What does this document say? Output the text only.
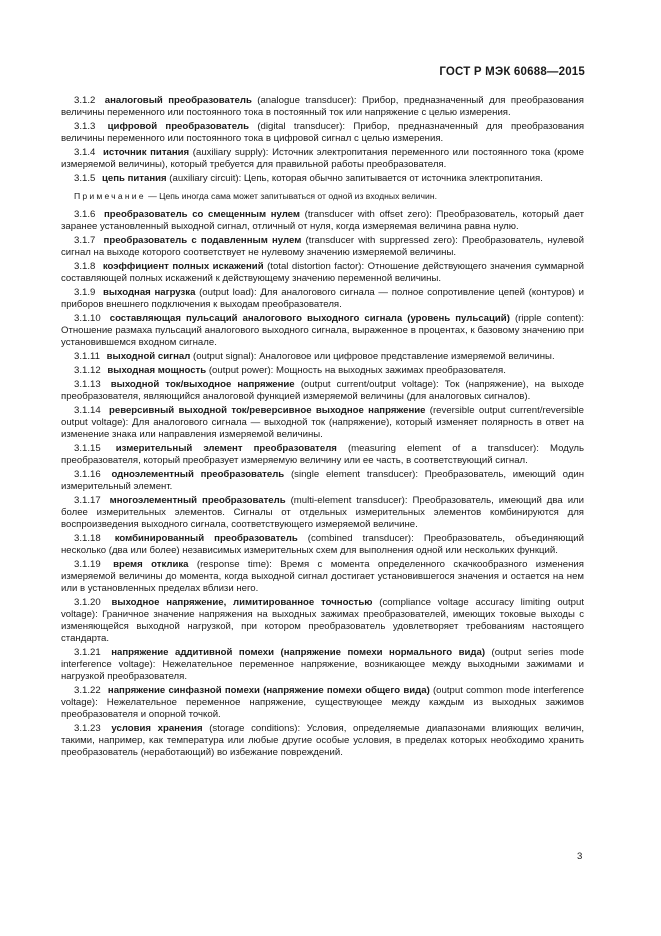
ГОСТ Р МЭК 60688—2015

3.1.2 аналоговый преобразователь (analogue transducer): Прибор, предназначенный для преобразования величины переменного или постоянного тока в постоянный ток или напряжение с целью измерения.

3.1.3 цифровой преобразователь (digital transducer): Прибор, предназначенный для преобразования величины переменного или постоянного тока в цифровой сигнал с целью измерения.

3.1.4 источник питания (auxiliary supply): Источник электропитания переменного или постоянного тока (кроме измеряемой величины), который требуется для правильной работы преобразователя.

3.1.5 цепь питания (auxiliary circuit): Цепь, которая обычно запитывается от источника электропитания.

Примечание — Цепь иногда сама может запитываться от одной из входных величин.

3.1.6 преобразователь со смещенным нулем (transducer with offset zero): Преобразователь, который дает заранее установленный выходной сигнал, отличный от нуля, когда измеряемая величина равна нулю.

3.1.7 преобразователь с подавленным нулем (transducer with suppressed zero): Преобразователь, нулевой сигнал на выходе которого соответствует не нулевому значению измеряемой величины.

3.1.8 коэффициент полных искажений (total distortion factor): Отношение действующего значения суммарной составляющей полных искажений к действующему значению переменной величины.

3.1.9 выходная нагрузка (output load): Для аналогового сигнала — полное сопротивление цепей (контуров) и приборов внешнего подключения к выходам преобразователя.

3.1.10 составляющая пульсаций аналогового выходного сигнала (уровень пульсаций) (ripple content): Отношение размаха пульсаций аналогового выходного сигнала, выраженное в процентах, к базовому значению при установившемся входном сигнале.

3.1.11 выходной сигнал (output signal): Аналоговое или цифровое представление измеряемой величины.

3.1.12 выходная мощность (output power): Мощность на выходных зажимах преобразователя.

3.1.13 выходной ток/выходное напряжение (output current/output voltage): Ток (напряжение), на выходе преобразователя, являющийся аналоговой функцией измеряемой величины (для аналоговых сигналов).

3.1.14 реверсивный выходной ток/реверсивное выходное напряжение (reversible output current/reversible output voltage): Для аналогового сигнала — выходной ток (напряжение), который изменяет полярность в ответ на изменение знака или направления измеряемой величины.

3.1.15 измерительный элемент преобразователя (measuring element of a transducer): Модуль преобразователя, который преобразует измеряемую величину или ее часть, в соответствующий сигнал.

3.1.16 одноэлементный преобразователь (single element transducer): Преобразователь, имеющий один измерительный элемент.

3.1.17 многоэлементный преобразователь (multi-element transducer): Преобразователь, имеющий два или более измерительных элементов. Сигналы от отдельных измерительных элементов комбинируются для воспроизведения выходного сигнала, соответствующего измеряемой величине.

3.1.18 комбинированный преобразователь (combined transducer): Преобразователь, объединяющий несколько (два или более) независимых измерительных схем для выполнения одной или нескольких функций.

3.1.19 время отклика (response time): Время с момента определенного скачкообразного изменения измеряемой величины до момента, когда выходной сигнал достигает установившегося значения и остается на нем или в установленных пределах вблизи него.

3.1.20 выходное напряжение, лимитированное точностью (compliance voltage accuracy limiting output voltage): Граничное значение напряжения на выходных зажимах преобразователей, имеющих токовые выходы с изменяющейся выходной нагрузкой, при котором преобразователь удовлетворяет требованиям настоящего стандарта.

3.1.21 напряжение аддитивной помехи (напряжение помехи нормального вида) (output series mode interference voltage): Нежелательное переменное напряжение, возникающее между выходными зажимами и нагрузкой преобразователя.

3.1.22 напряжение синфазной помехи (напряжение помехи общего вида) (output common mode interference voltage): Нежелательное переменное напряжение, существующее между каждым из выходных зажимов преобразователя и опорной точкой.

3.1.23 условия хранения (storage conditions): Условия, определяемые диапазонами влияющих величин, такими, например, как температура или любые другие особые условия, в пределах которых необходимо хранить преобразователь (неработающий) во избежание повреждений.

3
